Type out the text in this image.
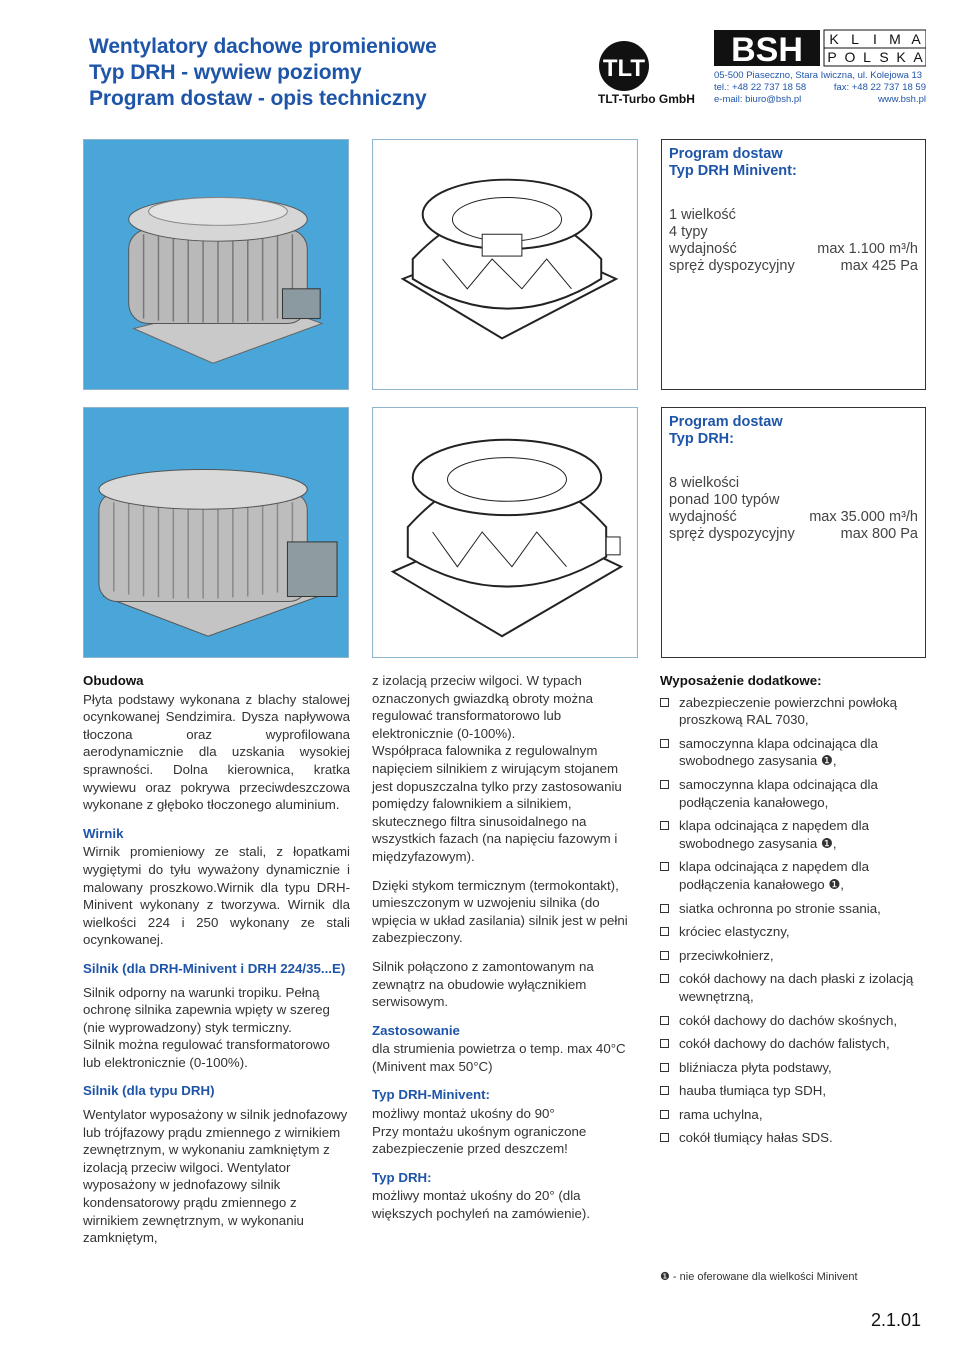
Wentylatory dachowe promieniowe
Typ DRH - wywiew poziomy
Program dostaw - opis techniczny
TLT
TLT-Turbo GmbH
BSH K L I M A
P O L S K A
05-500 Piaseczno, Stara Iwiczna, ul. Kolejowa 13
tel.: +48 22 737 18 58	fax: +48 22 737 18 59
e-mail: biuro@bsh.pl	www.bsh.pl
Program dostaw
Typ DRH Minivent:
1 wielkość
4 typy
wydajność	max 1.100 m³/h
spręż dyspozycyjny	max 425 Pa
Program dostaw
Typ DRH:
8 wielkości
ponad 100 typów
wydajność	max 35.000 m³/h
spręż dyspozycyjny	max 800 Pa
Obudowa

Płyta podstawy wykonana z blachy stalowej ocynkowanej Sendzimira. Dysza napływowa tłoczona oraz wyprofilowana aerodynamicznie dla uzskania wysokiej sprawności. Dolna kierownica, kratka wywiewu oraz pokrywa przeciwdeszczowa wykonane z głęboko tłoczonego aluminium.

Wirnik

Wirnik promieniowy ze stali, z łopatkami wygiętymi do tyłu wyważony dynamicznie i malowany proszkowo.Wirnik dla typu DRH-Minivent wykonany z tworzywa. Wirnik dla wielkości 224 i 250 wykonany ze stali ocynkowanej.

Silnik (dla DRH-Minivent i DRH 224/35...E)

Silnik odporny na warunki tropiku. Pełną ochronę silnika zapewnia wpięty w szereg (nie wyprowadzony) styk termiczny.

Silnik można regulować transformatorowo lub elektronicznie (0-100%).

Silnik (dla typu DRH)

Wentylator wyposażony w silnik jednofazowy lub trójfazowy prądu zmiennego z wirnikiem zewnętrznym, w wykonaniu zamkniętym z izolacją przeciw wilgoci. Wentylator wyposażony w jednofazowy silnik kondensatorowy prądu zmiennego z wirnikiem zewnętrznym, w wykonaniu zamkniętym,

z izolacją przeciw wilgoci. W typach oznaczonych gwiazdką obroty można regulować transformatorowo lub elektronicznie (0-100%).

Współpraca falownika z regulowalnym napięciem silnikiem z wirującym stojanem jest dopuszczalna tylko przy zastosowaniu pomiędzy falownikiem a silnikiem, skutecznego filtra sinusoidalnego na wszystkich fazach (na napięciu fazowym i międzyfazowym).

Dzięki stykom termicznym (termokontakt), umieszczonym w uzwojeniu silnika (do wpięcia w układ zasilania) silnik jest w pełni zabezpieczony.

Silnik połączono z zamontowanym na zewnątrz na obudowie wyłącznikiem serwisowym.

Zastosowanie

dla strumienia powietrza o temp. max 40°C (Minivent max 50°C)

Typ DRH-Minivent:

możliwy montaż ukośny do 90°

Przy montażu ukośnym ograniczone zabezpieczenie przed deszczem!

Typ DRH:

możliwy montaż ukośny do 20° (dla większych pochyleń na zamówienie).

Wyposażenie dodatkowe:
zabezpieczenie powierzchni powłoką proszkową RAL 7030,
samoczynna klapa odcinająca dla swobodnego zasysania ❶,
samoczynna klapa odcinająca dla podłączenia kanałowego,
klapa odcinająca z napędem dla swobodnego zasysania ❶,
klapa odcinająca z napędem dla podłączenia kanałowego ❶,
siatka ochronna po stronie ssania,
króciec elastyczny,
przeciwkołnierz,
cokół dachowy na dach płaski z izolacją wewnętrzną,
cokół dachowy do dachów skośnych,
cokół dachowy do dachów falistych,
bliźniacza płyta podstawy,
hauba tłumiąca typ SDH,
rama uchylna,
cokół tłumiący hałas SDS.
❶ - nie oferowane dla wielkości Minivent
2.1.01
